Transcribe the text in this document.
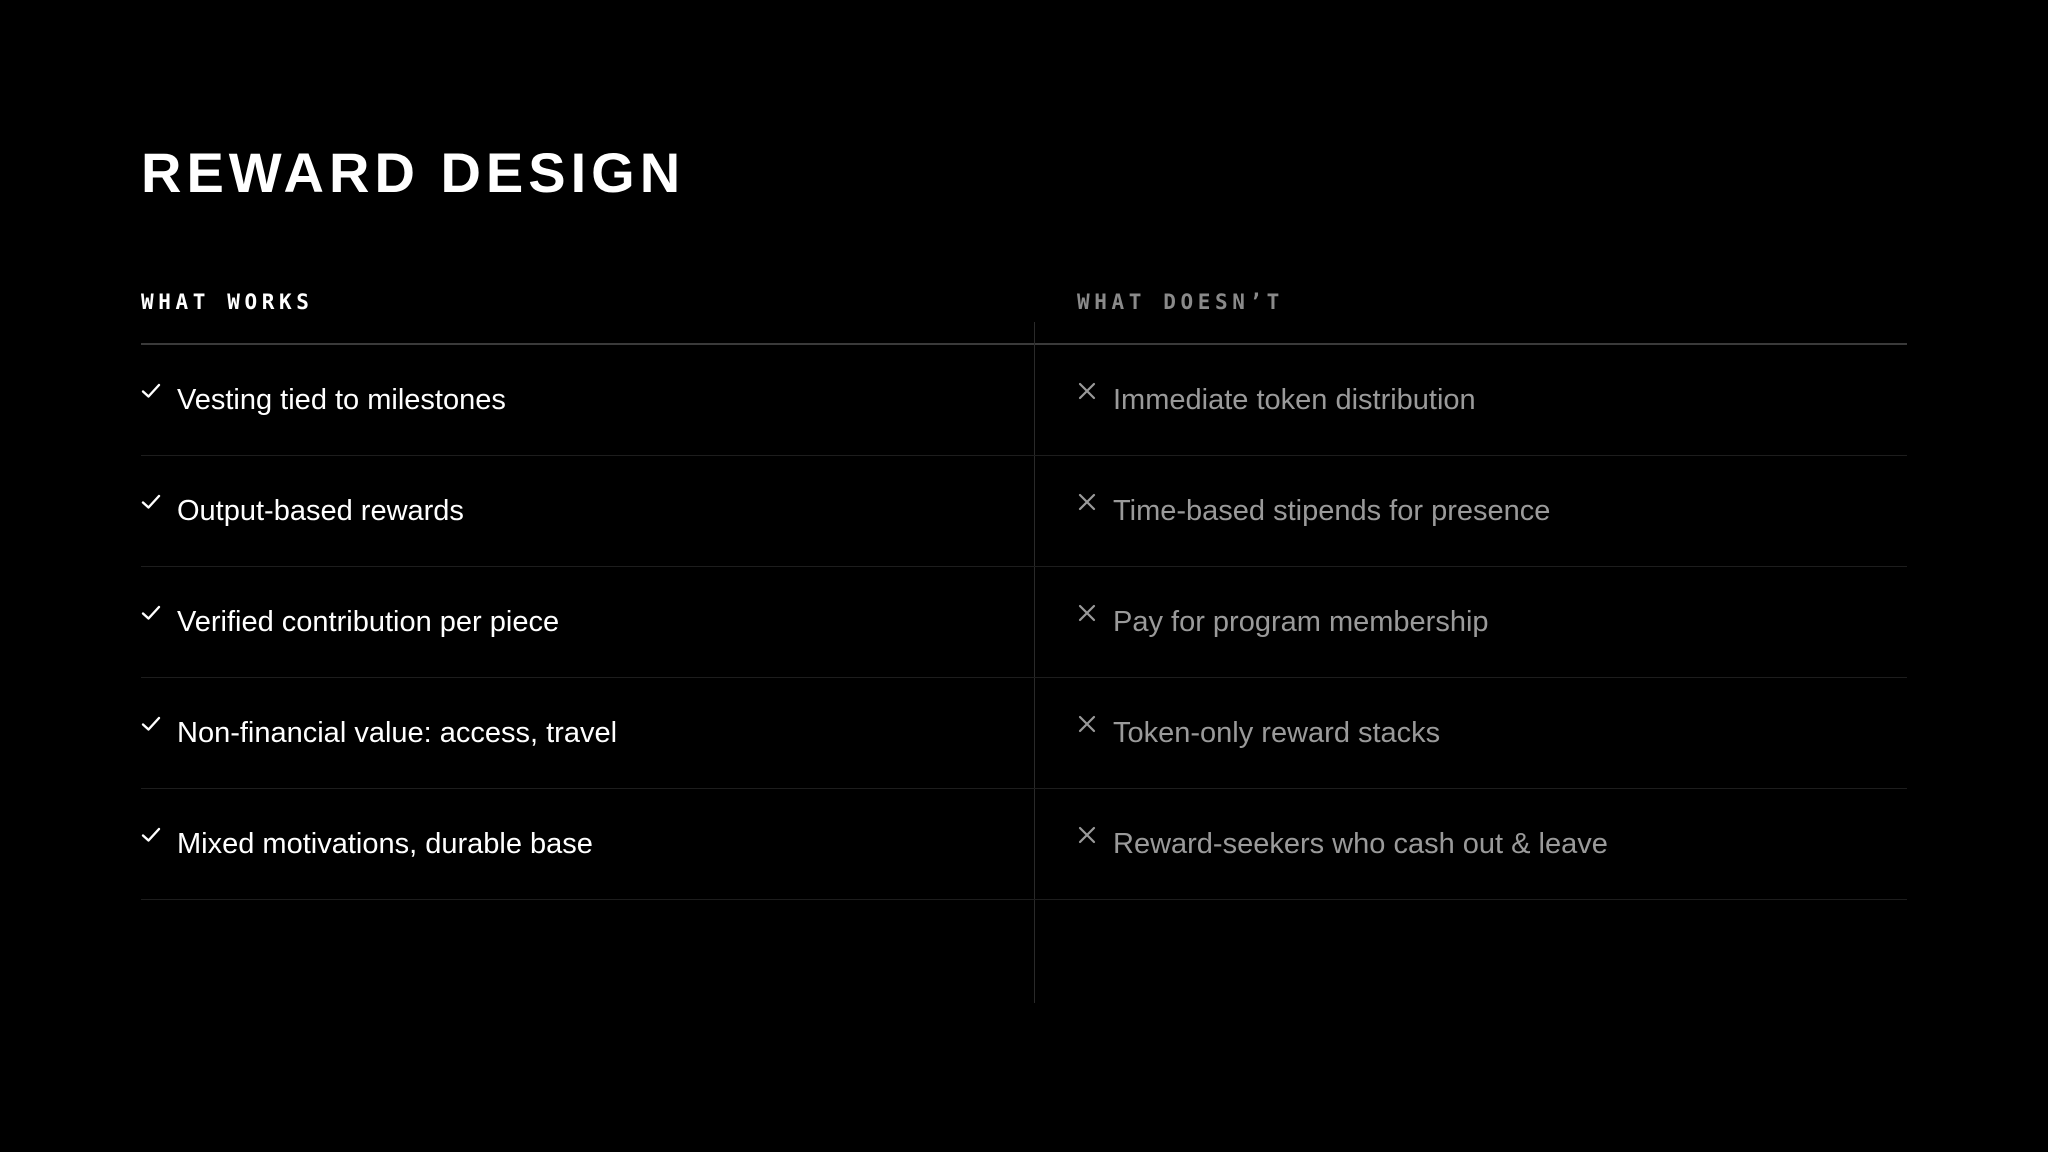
REWARD DESIGN
WHAT WORKS	WHAT DOESN’T
Vesting tied to milestones	Immediate token distribution
Output-based rewards	Time-based stipends for presence
Verified contribution per piece	Pay for program membership
Non-financial value: access, travel	Token-only reward stacks
Mixed motivations, durable base	Reward-seekers who cash out & leave
